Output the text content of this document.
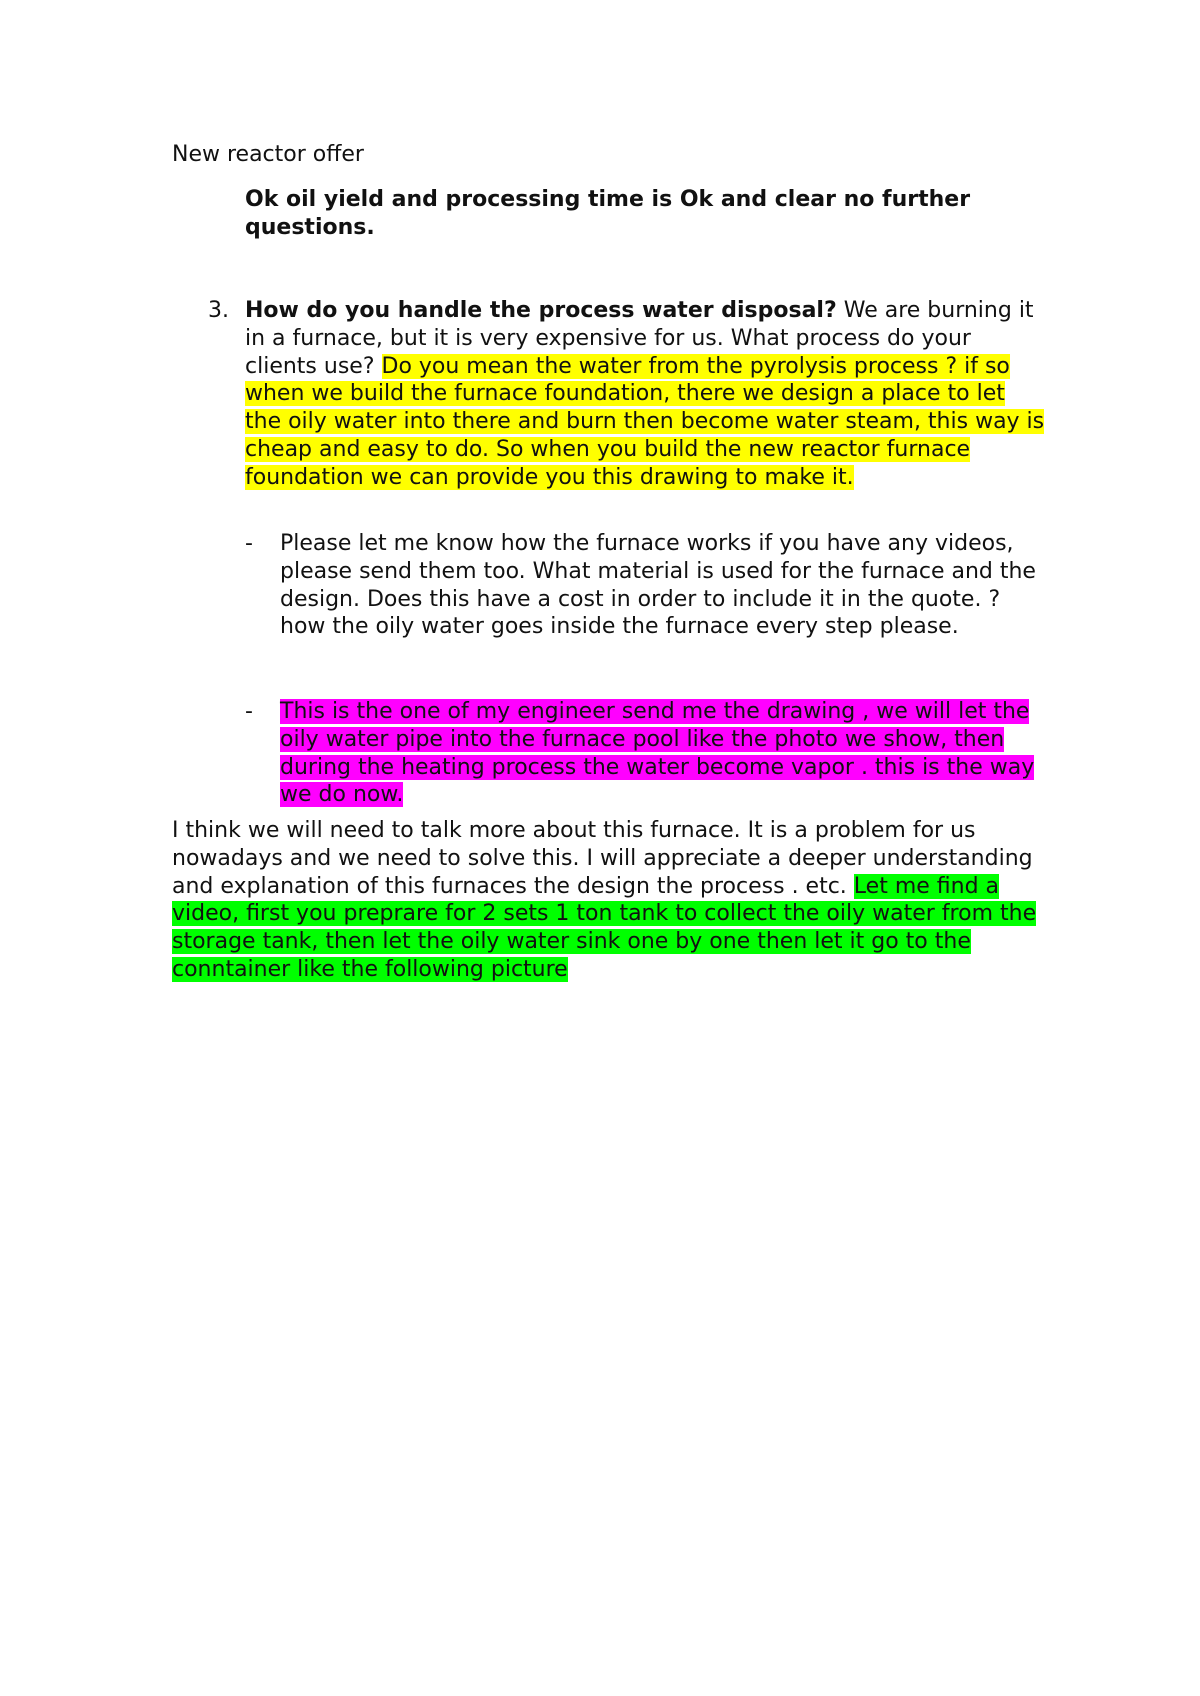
New reactor offer

Ok oil yield and processing time is Ok and clear no further questions.

3. How do you handle the process water disposal? We are burning it in a furnace, but it is very expensive for us. What process do your clients use? Do you mean the water from the pyrolysis process ? if so when we build the furnace foundation, there we design a place to let the oily water into there and burn then become water steam, this way is cheap and easy to do. So when you build the new reactor furnace foundation we can provide you this drawing to make it.

- Please let me know how the furnace works if you have any videos, please send them too. What material is used for the furnace and the design. Does this have a cost in order to include it in the quote. ? how the oily water goes inside the furnace every step please.

- This is the one of my engineer send me the drawing , we will let the oily water pipe into the furnace pool like the photo we show, then during the heating process the water become vapor . this is the way we do now.

I think we will need to talk more about this furnace. It is a problem for us nowadays and we need to solve this. I will appreciate a deeper understanding and explanation of this furnaces the design the process . etc. Let me find a video, first you preprare for 2 sets 1 ton tank to collect the oily water from the storage tank, then let the oily water sink one by one then let it go to the conntainer like the following picture
